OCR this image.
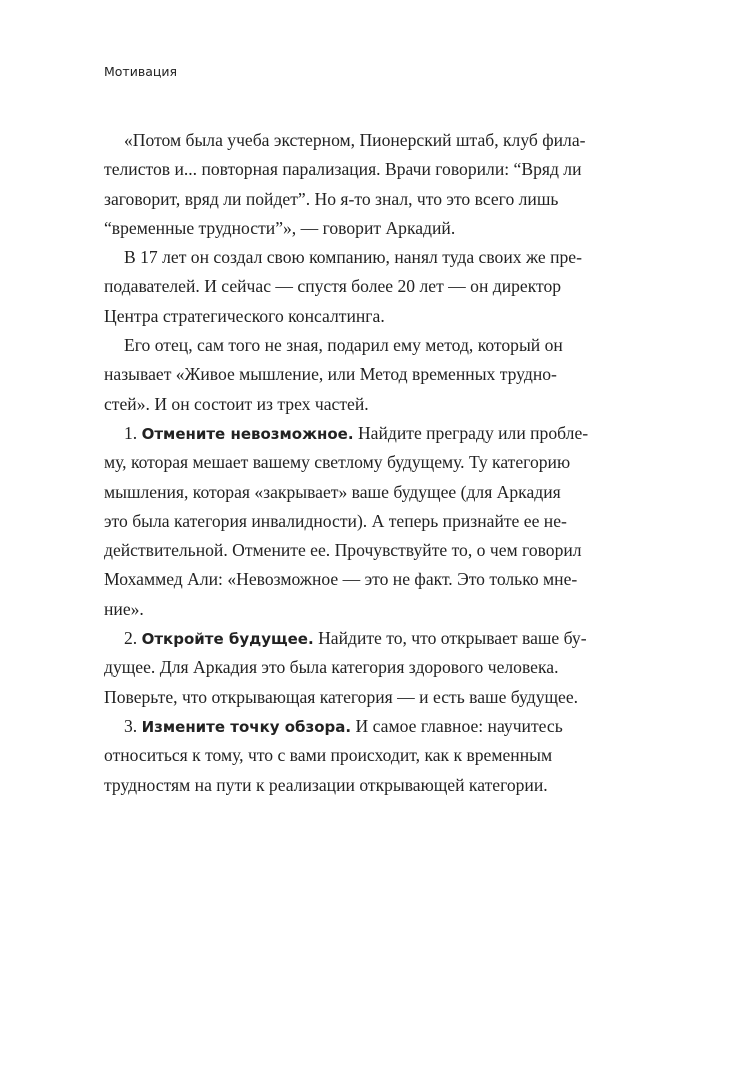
Мотивация
«Потом была учеба экстерном, Пионерский штаб, клуб фила-
телистов и... повторная парализация. Врачи говорили: “Вряд ли
заговорит, вряд ли пойдет”. Но я-то знал, что это всего лишь
“временные трудности”», — говорит Аркадий.
В 17 лет он создал свою компанию, нанял туда своих же пре-
подавателей. И сейчас — спустя более 20 лет — он директор
Центра стратегического консалтинга.
Его отец, сам того не зная, подарил ему метод, который он
называет «Живое мышление, или Метод временных трудно-
стей». И он состоит из трех частей.
1. Отмените невозможное. Найдите преграду или пробле-
му, которая мешает вашему светлому будущему. Ту категорию
мышления, которая «закрывает» ваше будущее (для Аркадия
это была категория инвалидности). А теперь признайте ее не-
действительной. Отмените ее. Прочувствуйте то, о чем говорил
Мохаммед Али: «Невозможное — это не факт. Это только мне-
ние».
2. Откройте будущее. Найдите то, что открывает ваше бу-
дущее. Для Аркадия это была категория здорового человека.
Поверьте, что открывающая категория — и есть ваше будущее.
3. Измените точку обзора. И самое главное: научитесь
относиться к тому, что с вами происходит, как к временным
трудностям на пути к реализации открывающей категории.
